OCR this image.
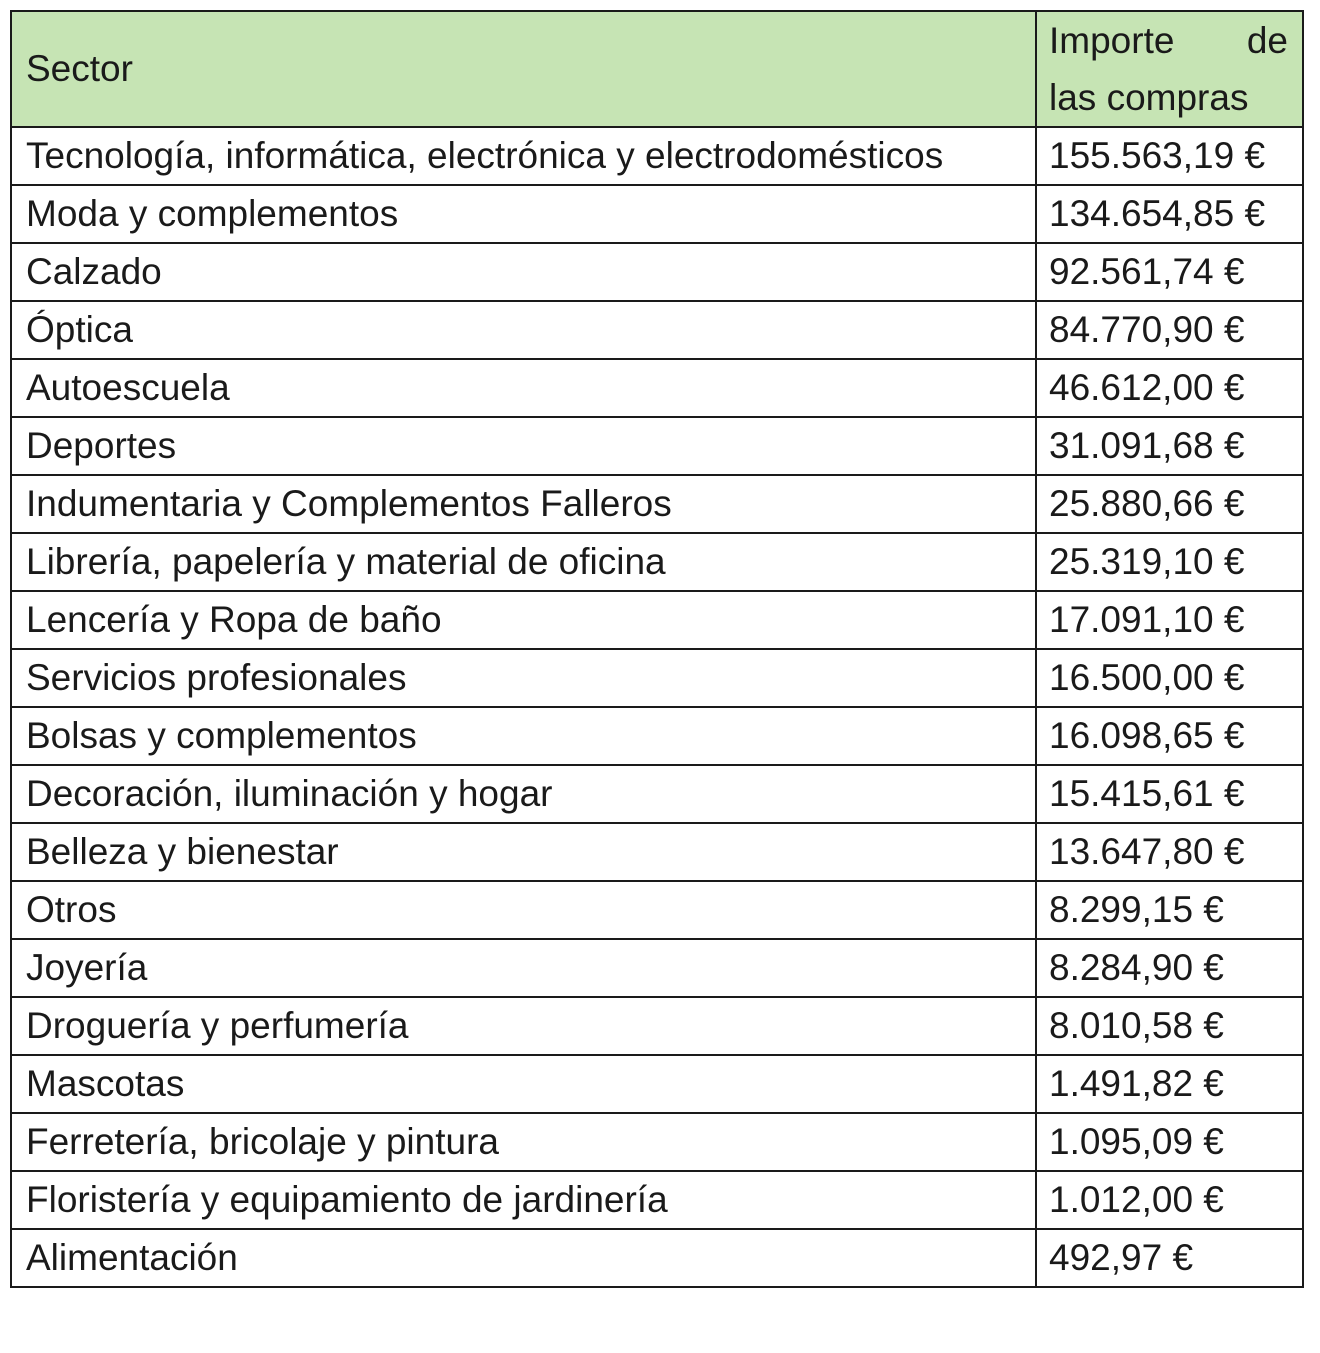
Sector	Importe de
las compras

Tecnología, informática, electrónica y electrodomésticos	155.563,19 €
Moda y complementos	134.654,85 €
Calzado	92.561,74 €
Óptica	84.770,90 €
Autoescuela	46.612,00 €
Deportes	31.091,68 €
Indumentaria y Complementos Falleros	25.880,66 €
Librería, papelería y material de oficina	25.319,10 €
Lencería y Ropa de baño	17.091,10 €
Servicios profesionales	16.500,00 €
Bolsas y complementos	16.098,65 €
Decoración, iluminación y hogar	15.415,61 €
Belleza y bienestar	13.647,80 €
Otros	8.299,15 €
Joyería	8.284,90 €
Droguería y perfumería	8.010,58 €
Mascotas	1.491,82 €
Ferretería, bricolaje y pintura	1.095,09 €
Floristería y equipamiento de jardinería	1.012,00 €
Alimentación	492,97 €
